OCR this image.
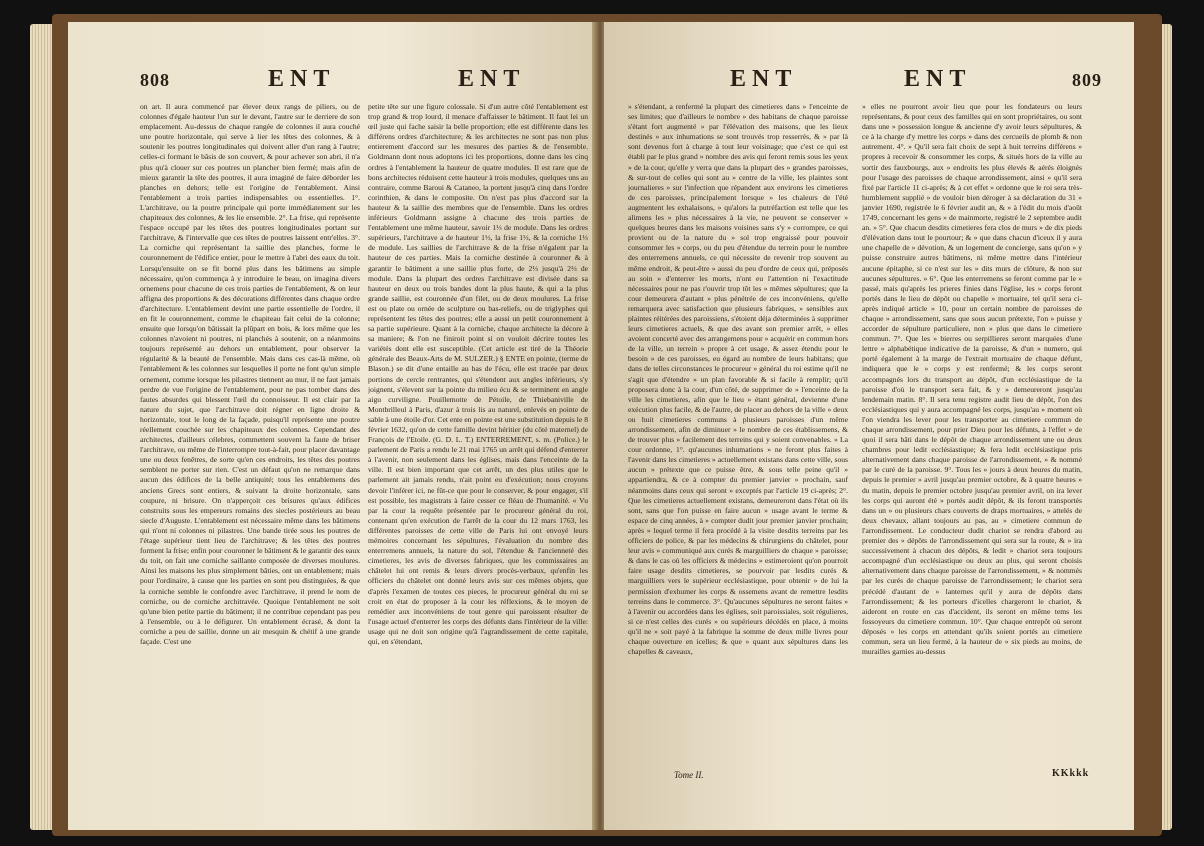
808	ENT	ENT
on art. Il aura commencé par élever deux rangs de piliers, ou de colonnes d'égale hauteur l'un sur le devant, l'autre sur le derriere de son emplacement. Au-dessus de chaque rangée de colonnes il aura couché une poutre horizontale, qui serve à lier les têtes des colonnes, & à soutenir les poutres longitudinales qui doivent aller d'un rang à l'autre; celles-ci formant le bâsis de son couvert, & pour achever son abri, il n'a plus qu'à clouer sur ces poutres un plancher bien fermé; mais afin de mieux garantir la tête des poutres, il aura imaginé de faire déborder les planches en dehors; telle est l'origine de l'entablement. Ainsi l'entablement a trois parties indispensables ou essentielles. 1°. L'architrave, ou la poutre principale qui porte immédiatement sur les chapiteaux des colonnes, & les lie ensemble. 2°. La frise, qui représente l'espace occupé par les têtes des poutres longitudinales portant sur l'architrave, & l'intervalle que ces têtes de poutres laissent entr'elles. 3°. La corniche qui représentant la saillie des planches, forme le couronnement de l'édifice entier, pour le mettre à l'abri des eaux du toit. Lorsqu'ensuite on se fit borné plus dans les bâtimens au simple nécessaire, qu'on commença à y introduire le beau, on imagina divers ornemens pour chacune de ces trois parties de l'entablement, & on leur affigna des proportions & des décorations différentes dans chaque ordre d'architecture. L'entablement devint une partie essentielle de l'ordre, il en fit le couronnement, comme le chapiteau fait celui de la colonne; ensuite que lorsqu'on bâtissait la plûpart en bois, & lors même que les colonnes n'avoient ni poutres, ni planchés à soutenir, on a néanmoins toujours représenté au dehors un entablement, pour observer la régularité & la beauté de l'ensemble. Mais dans ces cas-là même, où l'entablement & les colonnes sur lesquelles il porte ne font qu'un simple ornement, comme lorsque les pilastres tiennent au mur, il ne faut jamais perdre de vue l'origine de l'entablement, pour ne pas tomber dans des fautes absurdes qui blessent l'œil du connoisseur. Il est clair par la nature du sujet, que l'architrave doit régner en ligne droite & horizontale, tout le long de la façade, puisqu'il représente une poutre réellement couchée sur les chapiteaux des colonnes. Cependant des architectes, d'ailleurs célebres, commettent souvent la faute de briser l'architrave, ou même de l'interrompre tout-à-fait, pour placer davantage une ou deux fenêtres, de sorte qu'en ces endroits, les têtes des poutres semblent ne porter sur rien. C'est un défaut qu'on ne remarque dans aucun des édifices de la belle antiquité; tous les entablemens des anciens Grecs sont entiers, & suivant la droite horizontale, sans coupure, ni brisure. On n'apperçoit ces brisures qu'aux édifices construits sous les empereurs romains des siecles postérieurs au beau siecle d'Auguste. L'entablement est nécessaire même dans les bâtimens qui n'ont ni colonnes ni pilastres. Une bande tirée sous les poutres de l'étage supérieur tient lieu de l'architrave; & les têtes des poutres forment la frise; enfin pour couronner le bâtiment & le garantir des eaux du toit, on fait une corniche saillante composée de diverses moulures. Ainsi les maisons les plus simplement bâties, ont un entablement; mais pour l'ordinaire, à cause que les parties en sont peu distinguées, & que la corniche semble le confondre avec l'architrave, il prend le nom de corniche, ou de corniche architravée. Quoique l'entablement ne soit qu'une bien petite partie du bâtiment; il ne contribue cependant pas peu à l'ensemble, ou à le défigurer. Un entablement écrasé, & dont la corniche a peu de saillie, donne un air mesquin & chétif à une grande façade. C'est une
petite tête sur une figure colossale. Si d'un autre côté l'entablement est trop grand & trop lourd, il menace d'affaisser le bâtiment. Il faut lei un œil juste qui fache saisir la belle proportion; elle est différente dans les différens ordres d'architecture; & les architectes ne sont pas non plus entierement d'accord sur les mesures des parties & de l'ensemble. Goldmann dont nous adoptons ici les proportions, donne dans les cinq ordres à l'entablement la hauteur de quatre modules. Il est rare que de bons architectes réduisent cette hauteur à trois modules, quelques uns au contraire, comme Baroui & Cataneo, la portent jusqu'à cinq dans l'ordre corinthien, & dans le composite. On n'est pas plus d'accord sur la hauteur & la saillie des membres que de l'ensemble. Dans les ordres inférieurs Goldmann assigne à chacune des trois parties de l'entablement une même hauteur, savoir 1⅓ de module. Dans les ordres supérieurs, l'architrave a de hauteur 1⅓, la frise 1⅓, & la corniche 1⅓ de module. Les saillies de l'architrave & de la frise n'égalent par la hauteur de ces parties. Mais la corniche destinée à couronner & à garantir le bâtiment a une saillie plus forte, de 2⅓ jusqu'à 2⅔ de module. Dans la plupart des ordres l'architrave est divisée dans sa hauteur en deux ou trois bandes dont la plus haute, & qui a la plus grande saillie, est couronnée d'un filet, ou de deux moulures. La frise est ou plate ou ornée de sculpture ou bas-reliefs, ou de triglyphes qui représentent les têtes des poutres; elle a aussi un petit couronnement à sa partie supérieure. Quant à la corniche, chaque architecte la décore à sa maniere; & l'on ne finiroit point si on vouloit décrire toutes les variétés dont elle est susceptible. (Cet article est tiré de la Théorie générale des Beaux-Arts de M. SULZER.) § ENTE en pointe, (terme de Blason.) se dit d'une entaille au bas de l'écu, elle est tracée par deux portions de cercle rentrantes, qui s'étendent aux angles inférieurs, s'y joignent, s'élevent sur la pointe du milieu écu & se terminent en angle aigu curviligne. Pouillemotte de Pétoile, de Thiebaniville de Montbrilleul à Paris, d'azur à trois lis au naturel, enlevés en pointe de sable à une étoile d'or. Cet ente en pointe est une substitution depuis le 8 février 1632, qu'on de cette famille devint héritier (du côté maternel) de François de l'Etoile. (G. D. L. T.) ENTERREMENT, s. m. (Police.) le parlement de Paris a rendu le 21 mai 1765 un arrêt qui défend d'enterrer à l'avenir, non seulement dans les églises, mais dans l'enceinte de la ville. Il est bien important que cet arrêt, un des plus utiles que le parlement ait jamais rendu, n'ait point eu d'exécution; nous croyons devoir l'inférer ici, ne fût-ce que pour le conserver, & pour engager, s'il est possible, les magistrats à faire cesser ce fléau de l'humanité. « Vu par la cour la requête présentée par le procureur général du roi, contenant qu'en exécution de l'arrêt de la cour du 12 mars 1763, les différentes paroisses de cette ville de Paris lui ont envoyé leurs mémoires concernant les sépultures, l'évaluation du nombre des enterremens annuels, la nature du sol, l'étendue & l'ancienneté des cimetieres, les avis de diverses fabriques, que les commissaires au châtelet lui ont remis & leurs divers procès-verbaux, qu'enfin les officiers du châtelet ont donné leurs avis sur ces mêmes objets, que d'après l'examen de toutes ces pieces, le procureur général du roi se croit en état de proposer à la cour les réflexions, & le moyen de remédier aux inconvéniens de tout genre qui paroissent résulter de l'usage actuel d'enterrer les corps des défunts dans l'intérieur de la ville: usage qui ne doit son origine qu'à l'agrandissement de cette capitale, qui, en s'étendant,
ENT	ENT	809
» s'étendant, a renfermé la plupart des cimetieres dans » l'enceinte de ses limites; que d'ailleurs le nombre » des habitans de chaque paroisse s'étant fort augmenté » par l'élévation des maisons, que les lieux destinés » aux inhumations se sont trouvés trop resserrés, & » par là sont devenus fort à charge à tout leur voisinage; que c'est ce qui est établi par le plus grand » nombre des avis qui feront remis sous les yeux » de la cour, qu'elle y verra que dans la plupart des » grandes paroisses, & sur-tout de celles qui sont au » centre de la ville, les plaintes sont journalieres » sur l'infection que répandent aux environs les cimetieres de ces paroisses, principalement lorsque » les chaleurs de l'été augmentent les exhalaisons, » qu'alors la putréfaction est telle que les alimens les » plus nécessaires à la vie, ne peuvent se conserver » quelques heures dans les maisons voisines sans s'y » corrompre, ce qui provient ou de la nature du » sol trop engraissé pour pouvoir consommer les » corps, ou du peu d'étendue du terrein pour le nombre des enterremens annuels, ce qui nécessite de revenir trop souvent au même endroit, & peut-être » aussi du peu d'ordre de ceux qui, préposés au soin » d'enterrer les morts, n'ont eu l'attention ni l'exactitude nécessaires pour ne pas r'ouvrir trop tôt les » mêmes sépultures; que la cour demeurera d'autant » plus pénétrée de ces inconvéniens, qu'elle remarquera avec satisfaction que plusieurs fabriques, » sensibles aux plaintes réitérées des paroissiens, s'étoient déja déterminées à supprimer leurs cimetieres actuels, & que des avant son premier arrêt, » elles avoient concerté avec des arrangemens pour » acquérir en commun hors de la ville, un terrein » propre à cet usage, & assez étendu pour le besoin » de ces paroisses, eu égard au nombre de leurs habitans; que dans de telles circonstances le procureur » général du roi estime qu'il ne s'agit que d'étendre » un plan favorable & si facile à remplir; qu'il proposera donc à la cour, d'un côté, de supprimer de » l'enceinte de la ville les cimetieres, afin que le lieu » étant général, devienne d'une exécution plus facile, & de l'autre, de placer au dehors de la ville » deux ou huit cimetieres communs à plusieurs paroisses d'un même arrondissement, afin de diminuer » le nombre de ces établissemens, & de trouver plus » facilement des terreins qui y soient convenables. » La cour ordonne, 1°. qu'aucunes inhumations » ne feront plus faites à l'avenir dans les cimetieres » actuellement existans dans cette ville, sous aucun » prétexte que ce puisse être, & sous telle peine qu'il » appartiendra, & ce à compter du premier janvier » prochain, sauf néanmoins dans ceux qui seront » exceptés par l'article 19 ci-après; 2°. Que les cimetieres actuellement existans, demeureront dans l'état où ils sont, sans que l'on puisse en faire aucun » usage avant le terme & espace de cinq années, à » compter dudit jour premier janvier prochain; après » lequel terme il fera procédé à la visite desdits terreins par les officiers de police, & par les médecins & chirurgiens du châtelet, pour leur avis » communiqué aux curés & marguilliers de chaque » paroisse; & dans le cas où les officiers & médecins » estimeroient qu'on pourroit faire usage desdits cimetieres, se pourvoir par lesdits curés & marguilliers vers le supérieur ecclésiastique, pour obtenir » de lui la permission d'exhumer les corps & ossemens avant de remettre lesdits terreins dans le commerce. 3°. Qu'aucunes sépultures ne seront faites » à l'avenir ou accordées dans les églises, soit paroissiales, soit régulieres, si ce n'est celles des curés » ou supérieurs décédés en place, à moins qu'il ne » soit payé à la fabrique la somme de deux mille livres pour chaque ouverture en icelles; & que » quant aux sépultures dans les chapelles & caveaux,
» elles ne pourront avoir lieu que pour les fondateurs ou leurs représentans, & pour ceux des familles qui en sont propriétaires, ou sont dans une » possession longue & ancienne d'y avoir leurs sépultures, & ce à la charge d'y mettre les corps » dans des cercueils de plomb & non autrement. 4°. » Qu'il sera fait choix de sept à huit terreins différens » propres à recevoir & consommer les corps, & situés hors de la ville au sortir des fauxbourgs, aux » endroits les plus élevés & aérés éloignés pour l'usage des paroisses de chaque arrondissement, ainsi » qu'il sera fixé par l'article 11 ci-après; & à cet effet » ordonne que le roi sera très-humblement supplié » de vouloir bien déroger à sa déclaration du 31 » janvier 1690, registrée le 6 février audit an, & » à l'édit du mois d'août 1749, concernant les gens » de mainmorte, registré le 2 septembre audit an. » 5°. Que chacun desdits cimetieres fera clos de murs » de dix pieds d'élévation dans tout le pourtour; & » que dans chacun d'iceux il y aura une chapelle de » dévotion, & un logement de concierge, sans qu'on » y puisse construire autres bâtimens, ni même mettre dans l'intérieur aucune épitaphe, si ce n'est sur les » dits murs de clôture, & non sur aucunes sépultures. » 6°. Que les enterremens se feront comme par le » passé, mais qu'après les prieres finies dans l'église, les » corps feront portés dans le lieu de dépôt ou chapelle » mortuaire, tel qu'il sera ci-après indiqué article » 10, pour un certain nombre de paroisses de chaque » arrondissement, sans que sous aucun prétexte, l'on » puisse y accorder de sépulture particuliere, non » plus que dans le cimetiere commun. 7°. Que les » bierres ou serpillieres seront marquées d'une lettre » alphabétique indicative de la paroisse, & d'un » numero, qui porté également à la marge de l'extrait mortuaire de chaque défunt, indiquera que le » corps y est renfermé; & les corps seront accompagnés lors du transport au dépôt, d'un ecclésiastique de la paroisse d'où le transport sera fait, & y » demeureront jusqu'au lendemain matin. 8°. Il sera tenu registre audit lieu de dépôt, l'on des ecclésiastiques qui y aura accompagné les corps, jusqu'au » moment où l'on viendra les lever pour les transporter au cimetiere commun de chaque arrondissement, pour prier Dieu pour les défunts, à l'effet » de quoi il sera bâti dans le dépôt de chaque arrondissement une ou deux chambres pour ledit ecclésiastique; & fera ledit ecclésiastique pris alternativement dans chaque paroisse de l'arrondissement, » & nommé par le curé de la paroisse. 9°. Tous les » jours à deux heures du matin, depuis le premier » avril jusqu'au premier octobre, & à quatre heures » du matin, depuis le premier octobre jusqu'au premier avril, on ira lever les corps qui auront été » portés audit dépôt, & ils feront transportés dans un » ou plusieurs chars couverts de draps mortuaires, » attelés de deux chevaux, allant toujours au pas, au » cimetiere commun de l'arrondissement. Le conducteur dudit chariot se rendra d'abord au premier des » dépôts de l'arrondissement qui sera sur la route, & » ira successivement à chacun des dépôts, & ledit » chariot sera toujours accompagné d'un ecclésiastique ou deux au plus, qui seront choisis alternativement dans chaque paroisse de l'arrondissement, » & nommés par les curés de chaque paroisse de l'arrondissement; le chariot sera précédé d'autant de » lanternes qu'il y aura de dépôts dans l'arrondissement; & les porteurs d'icelles chargeront le chariot, & aideront en route en cas d'accident, ils seront en même tems les fossoyeurs du cimetiere commun. 10°. Que chaque entrepôt où seront déposés » les corps en attendant qu'ils soient portés au cimetiere commun, sera un lieu fermé, à la hauteur de » six pieds au moins, de murailles garnies au-dessus
Tome II.	KKkkk
